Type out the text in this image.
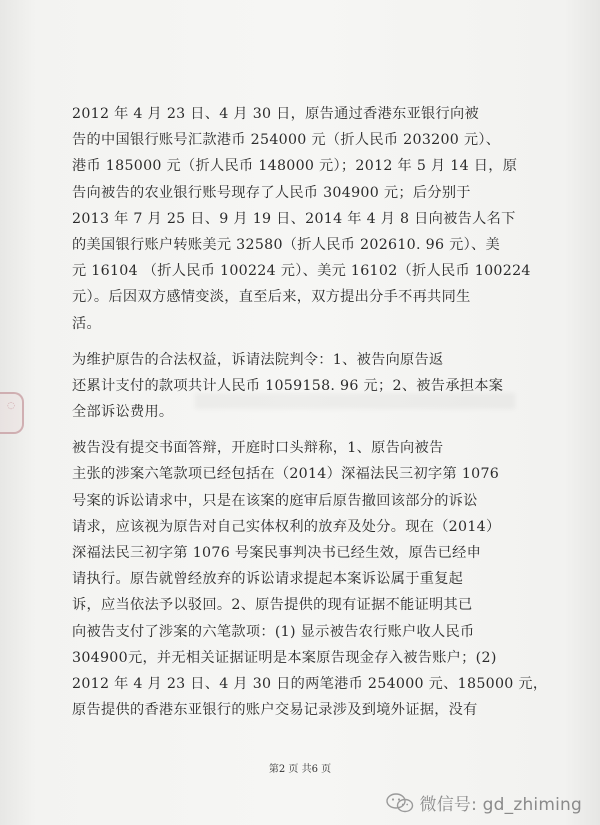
◌
2012 年 4 月 23 日、4 月 30 日，原告通过香港东亚银行向被
告的中国银行账号汇款港币 254000 元（折人民币 203200 元）、
港币 185000 元（折人民币 148000 元）；2012 年 5 月 14 日，原
告向被告的农业银行账号现存了人民币 304900 元；后分别于
2013 年 7 月 25 日、9 月 19 日、2014 年 4 月 8 日向被告人名下
的美国银行账户转账美元 32580（折人民币 202610. 96 元）、美
元 16104 （折人民币 100224 元）、美元 16102（折人民币 100224
元）。后因双方感情变淡，直至后来，双方提出分手不再共同生
活。
为维护原告的合法权益，诉请法院判令：1、被告向原告返
还累计支付的款项共计人民币 1059158. 96 元；2、被告承担本案
全部诉讼费用。
被告没有提交书面答辩，开庭时口头辩称，1、原告向被告
主张的涉案六笔款项已经包括在（2014）深福法民三初字第 1076
号案的诉讼请求中，只是在该案的庭审后原告撤回该部分的诉讼
请求，应该视为原告对自己实体权利的放弃及处分。现在（2014）
深福法民三初字第 1076 号案民事判决书已经生效，原告已经申
请执行。原告就曾经放弃的诉讼请求提起本案诉讼属于重复起
诉，应当依法予以驳回。2、原告提供的现有证据不能证明其已
向被告支付了涉案的六笔款项：(1) 显示被告农行账户收人民币
304900元，并无相关证据证明是本案原告现金存入被告账户；(2)
2012 年 4 月 23 日、4 月 30 日的两笔港币 254000 元、185000 元，
原告提供的香港东亚银行的账户交易记录涉及到境外证据，没有
第2 页 共6 页
微信号: gd_zhiming
